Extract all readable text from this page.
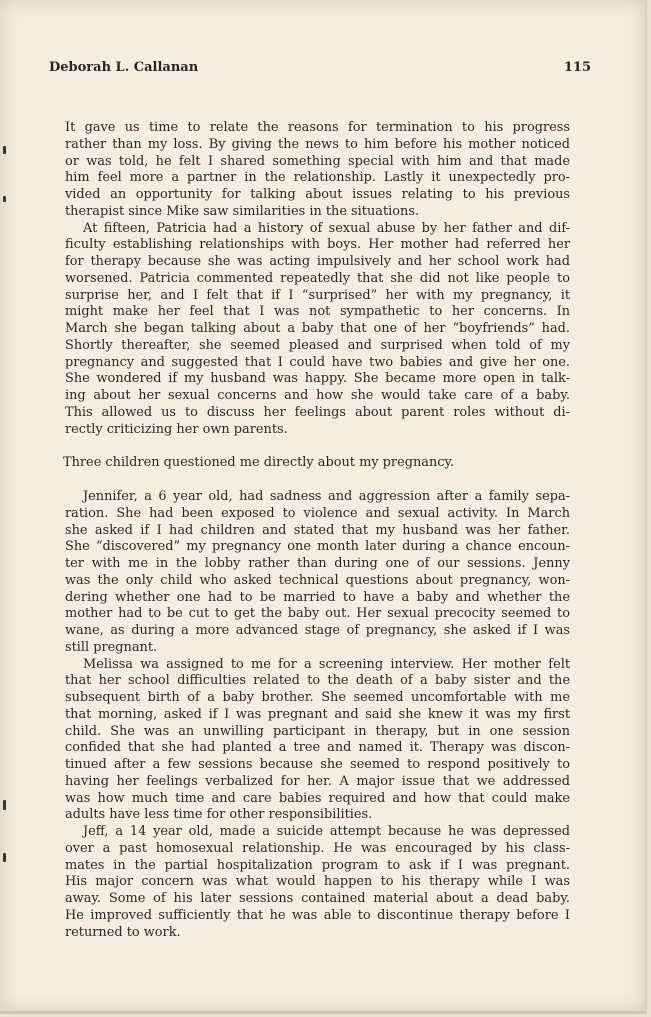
Deborah L. Callanan	115
It gave us time to relate the reasons for termination to his progress
rather than my loss. By giving the news to him before his mother noticed
or was told, he felt I shared something special with him and that made
him feel more a partner in the relationship. Lastly it unexpectedly pro-
vided an opportunity for talking about issues relating to his previous
therapist since Mike saw similarities in the situations.
At fifteen, Patricia had a history of sexual abuse by her father and dif-
ficulty establishing relationships with boys. Her mother had referred her
for therapy because she was acting impulsively and her school work had
worsened. Patricia commented repeatedly that she did not like people to
surprise her, and I felt that if I “surprised” her with my pregnancy, it
might make her feel that I was not sympathetic to her concerns. In
March she began talking about a baby that one of her “boyfriends” had.
Shortly thereafter, she seemed pleased and surprised when told of my
pregnancy and suggested that I could have two babies and give her one.
She wondered if my husband was happy. She became more open in talk-
ing about her sexual concerns and how she would take care of a baby.
This allowed us to discuss her feelings about parent roles without di-
rectly criticizing her own parents.
Three children questioned me directly about my pregnancy.
Jennifer, a 6 year old, had sadness and aggression after a family sepa-
ration. She had been exposed to violence and sexual activity. In March
she asked if I had children and stated that my husband was her father.
She “discovered” my pregnancy one month later during a chance encoun-
ter with me in the lobby rather than during one of our sessions. Jenny
was the only child who asked technical questions about pregnancy, won-
dering whether one had to be married to have a baby and whether the
mother had to be cut to get the baby out. Her sexual precocity seemed to
wane, as during a more advanced stage of pregnancy, she asked if I was
still pregnant.
Melissa wa assigned to me for a screening interview. Her mother felt
that her school difficulties related to the death of a baby sister and the
subsequent birth of a baby brother. She seemed uncomfortable with me
that morning, asked if I was pregnant and said she knew it was my first
child. She was an unwilling participant in therapy, but in one session
confided that she had planted a tree and named it. Therapy was discon-
tinued after a few sessions because she seemed to respond positively to
having her feelings verbalized for her. A major issue that we addressed
was how much time and care babies required and how that could make
adults have less time for other responsibilities.
Jeff, a 14 year old, made a suicide attempt because he was depressed
over a past homosexual relationship. He was encouraged by his class-
mates in the partial hospitalization program to ask if I was pregnant.
His major concern was what would happen to his therapy while I was
away. Some of his later sessions contained material about a dead baby.
He improved sufficiently that he was able to discontinue therapy before I
returned to work.
